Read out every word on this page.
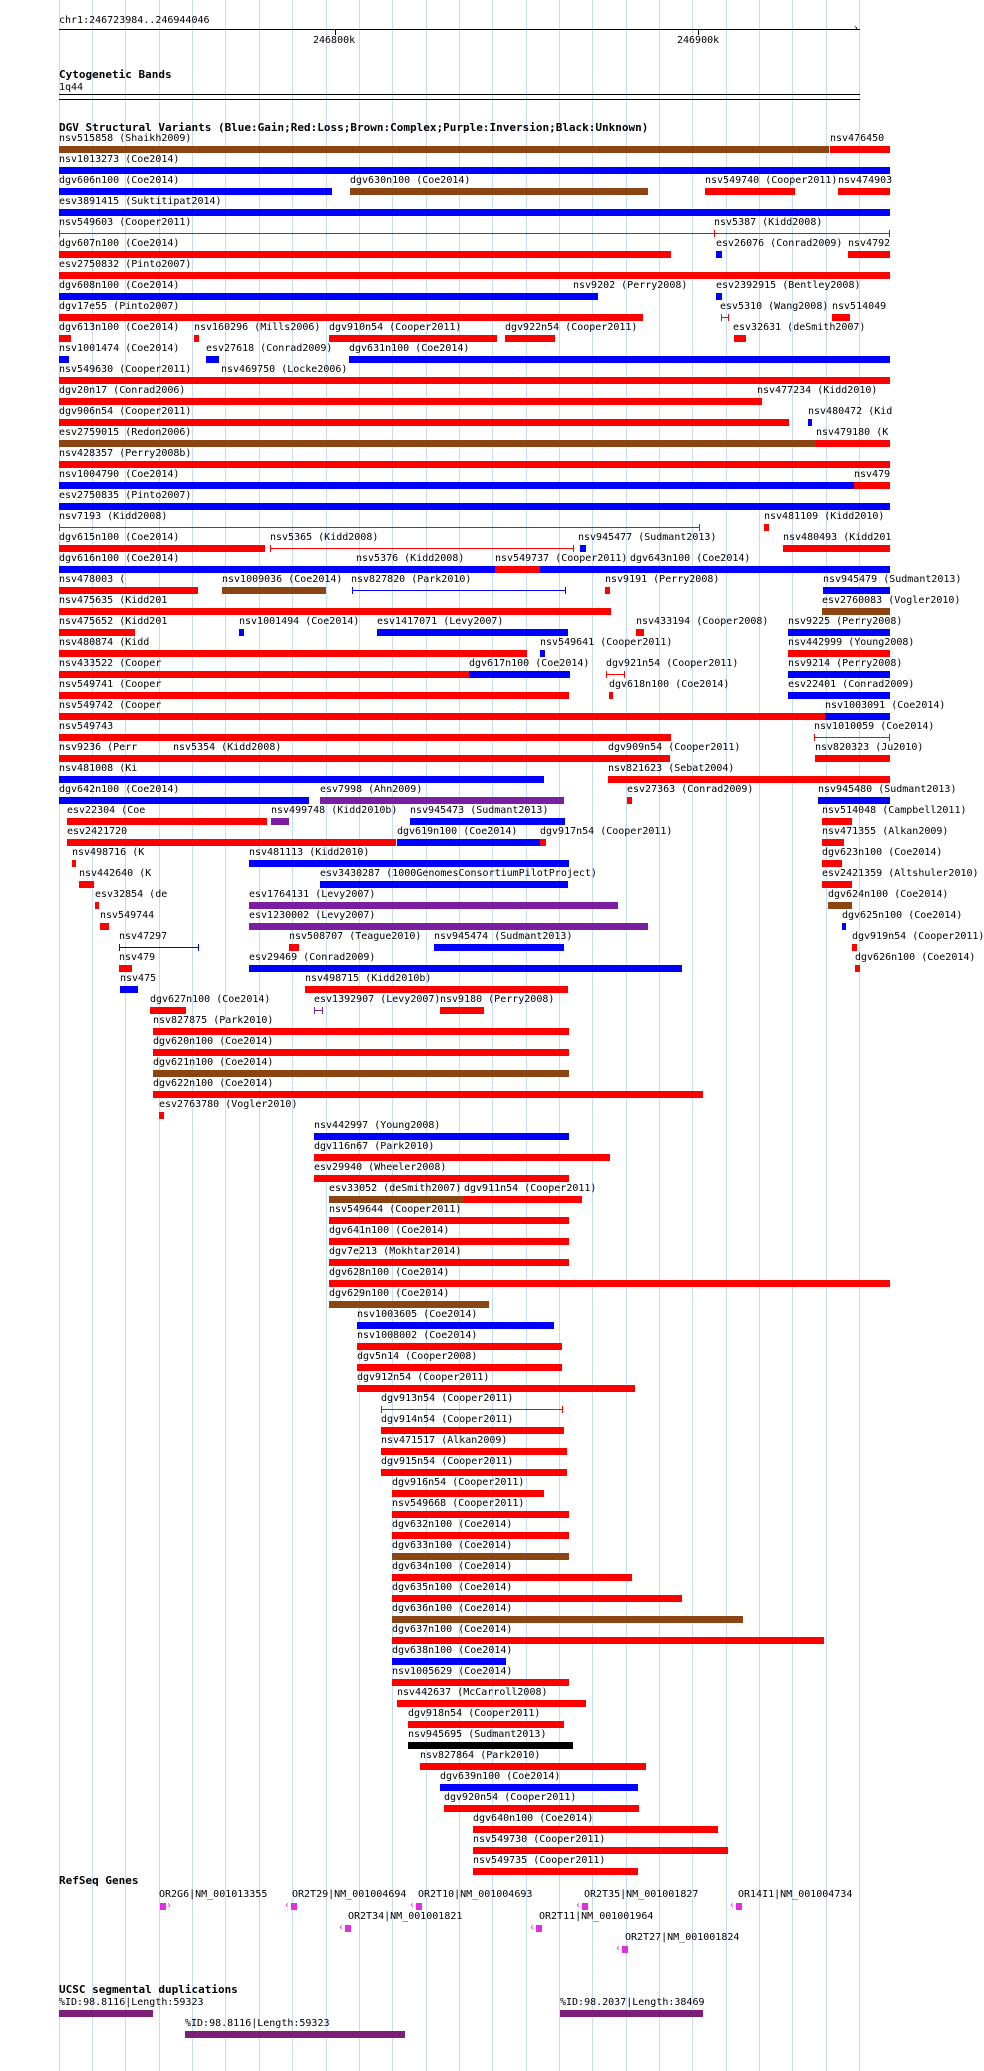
chr1:246723984..246944046
›
246800k	246900k
Cytogenetic Bands
1q44
DGV Structural Variants (Blue:Gain;Red:Loss;Brown:Complex;Purple:Inversion;Black:Unknown)
nsv515858 (Shaikh2009)	nsv476450
nsv1013273 (Coe2014)
dgv606n100 (Coe2014)	dgv630n100 (Coe2014)	nsv549740 (Cooper2011) nsv474903
esv3891415 (Suktitipat2014)
nsv549603 (Cooper2011)	nsv5387 (Kidd2008)
dgv607n100 (Coe2014)	esv26076 (Conrad2009) nsv4792
esv2750832 (Pinto2007)
dgv608n100 (Coe2014)	nsv9202 (Perry2008)	esv2392915 (Bentley2008)
dgv17e55 (Pinto2007)	esv5310 (Wang2008) nsv514049
dgv613n100 (Coe2014) nsv160296 (Mills2006) dgv910n54 (Cooper2011)	dgv922n54 (Cooper2011)	esv32631 (deSmith2007)
nsv1001474 (Coe2014)	esv27618 (Conrad2009) dgv631n100 (Coe2014)
nsv549630 (Cooper2011)	nsv469750 (Locke2006)
dgv20n17 (Conrad2006)	nsv477234 (Kidd2010)
dgv906n54 (Cooper2011)	nsv480472 (Kid
esv2759015 (Redon2006)	nsv479180 (K
nsv428357 (Perry2008b)
nsv1004790 (Coe2014)	nsv479
esv2750835 (Pinto2007)
nsv7193 (Kidd2008)	nsv481109 (Kidd2010)
dgv615n100 (Coe2014)	nsv5365 (Kidd2008)	nsv945477 (Sudmant2013)	nsv480493 (Kidd201
dgv616n100 (Coe2014)	nsv5376 (Kidd2008)	nsv549737 (Cooper2011) dgv643n100 (Coe2014)
nsv478003 (	nsv1009036 (Coe2014) nsv827820 (Park2010)	nsv9191 (Perry2008)	nsv945479 (Sudmant2013)
nsv475635 (Kidd201	esv2760083 (Vogler2010)
nsv475652 (Kidd201	nsv1001494 (Coe2014) esv1417071 (Levy2007)	nsv433194 (Cooper2008) nsv9225 (Perry2008)
nsv480874 (Kidd	nsv549641 (Cooper2011)	nsv442999 (Young2008)
nsv433522 (Cooper	dgv617n100 (Coe2014) dgv921n54 (Cooper2011)	nsv9214 (Perry2008)
nsv549741 (Cooper	dgv618n100 (Coe2014)	esv22401 (Conrad2009)
nsv549742 (Cooper	nsv1003091 (Coe2014)
nsv549743	nsv1010059 (Coe2014)
nsv9236 (Perr	nsv5354 (Kidd2008)	dgv909n54 (Cooper2011)	nsv820323 (Ju2010)
nsv481008 (Ki	nsv821623 (Sebat2004)
dgv642n100 (Coe2014)	esv7998 (Ahn2009)	esv27363 (Conrad2009)	nsv945480 (Sudmant2013)
esv22304 (Coe	nsv499748 (Kidd2010b) nsv945473 (Sudmant2013)	nsv514048 (Campbell2011)
esv2421720	dgv619n100 (Coe2014) dgv917n54 (Cooper2011)	nsv471355 (Alkan2009)
nsv498716 (K	nsv481113 (Kidd2010)	dgv623n100 (Coe2014)
nsv442640 (K	esv3430287 (1000GenomesConsortiumPilotProject)	esv2421359 (Altshuler2010)
esv32854 (de	esv1764131 (Levy2007)	dgv624n100 (Coe2014)
nsv549744	esv1230002 (Levy2007)	dgv625n100 (Coe2014)
nsv47297	nsv508707 (Teague2010) nsv945474 (Sudmant2013)	dgv919n54 (Cooper2011)
nsv479	esv29469 (Conrad2009)	dgv626n100 (Coe2014)
nsv475	nsv498715 (Kidd2010b)
dgv627n100 (Coe2014)	esv1392907 (Levy2007) nsv9180 (Perry2008)
nsv827875 (Park2010)
dgv620n100 (Coe2014)
dgv621n100 (Coe2014)
dgv622n100 (Coe2014)
esv2763780 (Vogler2010)
nsv442997 (Young2008)
dgv116n67 (Park2010)
esv29940 (Wheeler2008)
esv33052 (deSmith2007) dgv911n54 (Cooper2011)
nsv549644 (Cooper2011)
dgv641n100 (Coe2014)
dgv7e213 (Mokhtar2014)
dgv628n100 (Coe2014)
dgv629n100 (Coe2014)
nsv1003605 (Coe2014)
nsv1008002 (Coe2014)
dgv5n14 (Cooper2008)
dgv912n54 (Cooper2011)
dgv913n54 (Cooper2011)
dgv914n54 (Cooper2011)
nsv471517 (Alkan2009)
dgv915n54 (Cooper2011)
dgv916n54 (Cooper2011)
nsv549668 (Cooper2011)
dgv632n100 (Coe2014)
dgv633n100 (Coe2014)
dgv634n100 (Coe2014)
dgv635n100 (Coe2014)
dgv636n100 (Coe2014)
dgv637n100 (Coe2014)
dgv638n100 (Coe2014)
nsv1005629 (Coe2014)
nsv442637 (McCarroll2008)
dgv918n54 (Cooper2011)
nsv945695 (Sudmant2013)
nsv827864 (Park2010)
dgv639n100 (Coe2014)
dgv920n54 (Cooper2011)
dgv640n100 (Coe2014)
nsv549730 (Cooper2011)
nsv549735 (Cooper2011)
RefSeq Genes
OR2G6|NM_001013355
›
OR2T29|NM_001004694
‹
OR2T10|NM_001004693
‹
OR2T35|NM_001001827
‹
OR14I1|NM_001004734
‹
OR2T34|NM_001001821
‹
OR2T11|NM_001001964
‹
OR2T27|NM_001001824
‹
UCSC segmental duplications
%ID:98.8116|Length:59323	%ID:98.2037|Length:38469
%ID:98.8116|Length:59323
